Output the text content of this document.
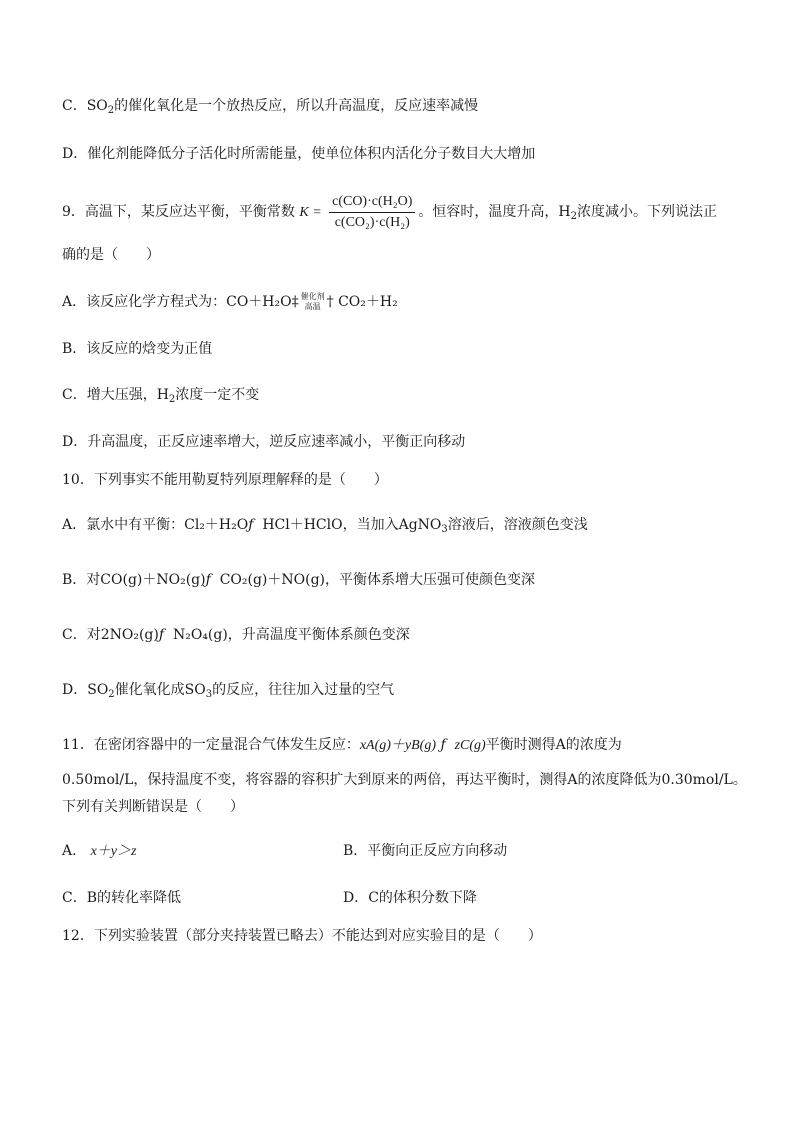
C．$SO_2$的催化氧化是一个放热反应，所以升高温度，反应速率减慢
D．催化剂能降低分子活化时所需能量，使单位体积内活化分子数目大大增加
9．高温下，某反应达平衡，平衡常数 $K = \frac{\text{c(CO)·c(H₂O)}}{\text{c(CO₂)·c(H₂)}}$ 。恒容时，温度升高，$H_2$浓度减小。下列说法正
确的是（　　）
A．该反应化学方程式为：CO＋H₂O‡ 催化剂
高温 † CO₂＋H₂
B．该反应的焓变为正值
C．增大压强，$H_2$浓度一定不变
D．升高温度，正反应速率增大，逆反应速率减小，平衡正向移动
10．下列事实不能用勒夏特列原理解释的是（　　）
A．氯水中有平衡：Cl₂＋H₂Oƒ HCl＋HClO，当加入AgNO$_3$溶液后，溶液颜色变浅
B．对CO(g)＋NO₂(g)ƒ CO₂(g)＋NO(g)，平衡体系增大压强可使颜色变深
C．对2NO₂(g)ƒ N₂O₄(g)，升高温度平衡体系颜色变深
D．$SO_2$催化氧化成$SO_3$的反应，往往加入过量的空气
11．在密闭容器中的一定量混合气体发生反应：xA(g)＋yB(g) ƒ zC(g)平衡时测得A的浓度为
0.50mol/L，保持温度不变，将容器的容积扩大到原来的两倍，再达平衡时，测得A的浓度降低为0.30mol/L。
下列有关判断错误是（　　）
A． x＋y＞z	B．平衡向正反应方向移动
C．B的转化率降低	D．C的体积分数下降
12．下列实验装置（部分夹持装置已略去）不能达到对应实验目的是（　　）
